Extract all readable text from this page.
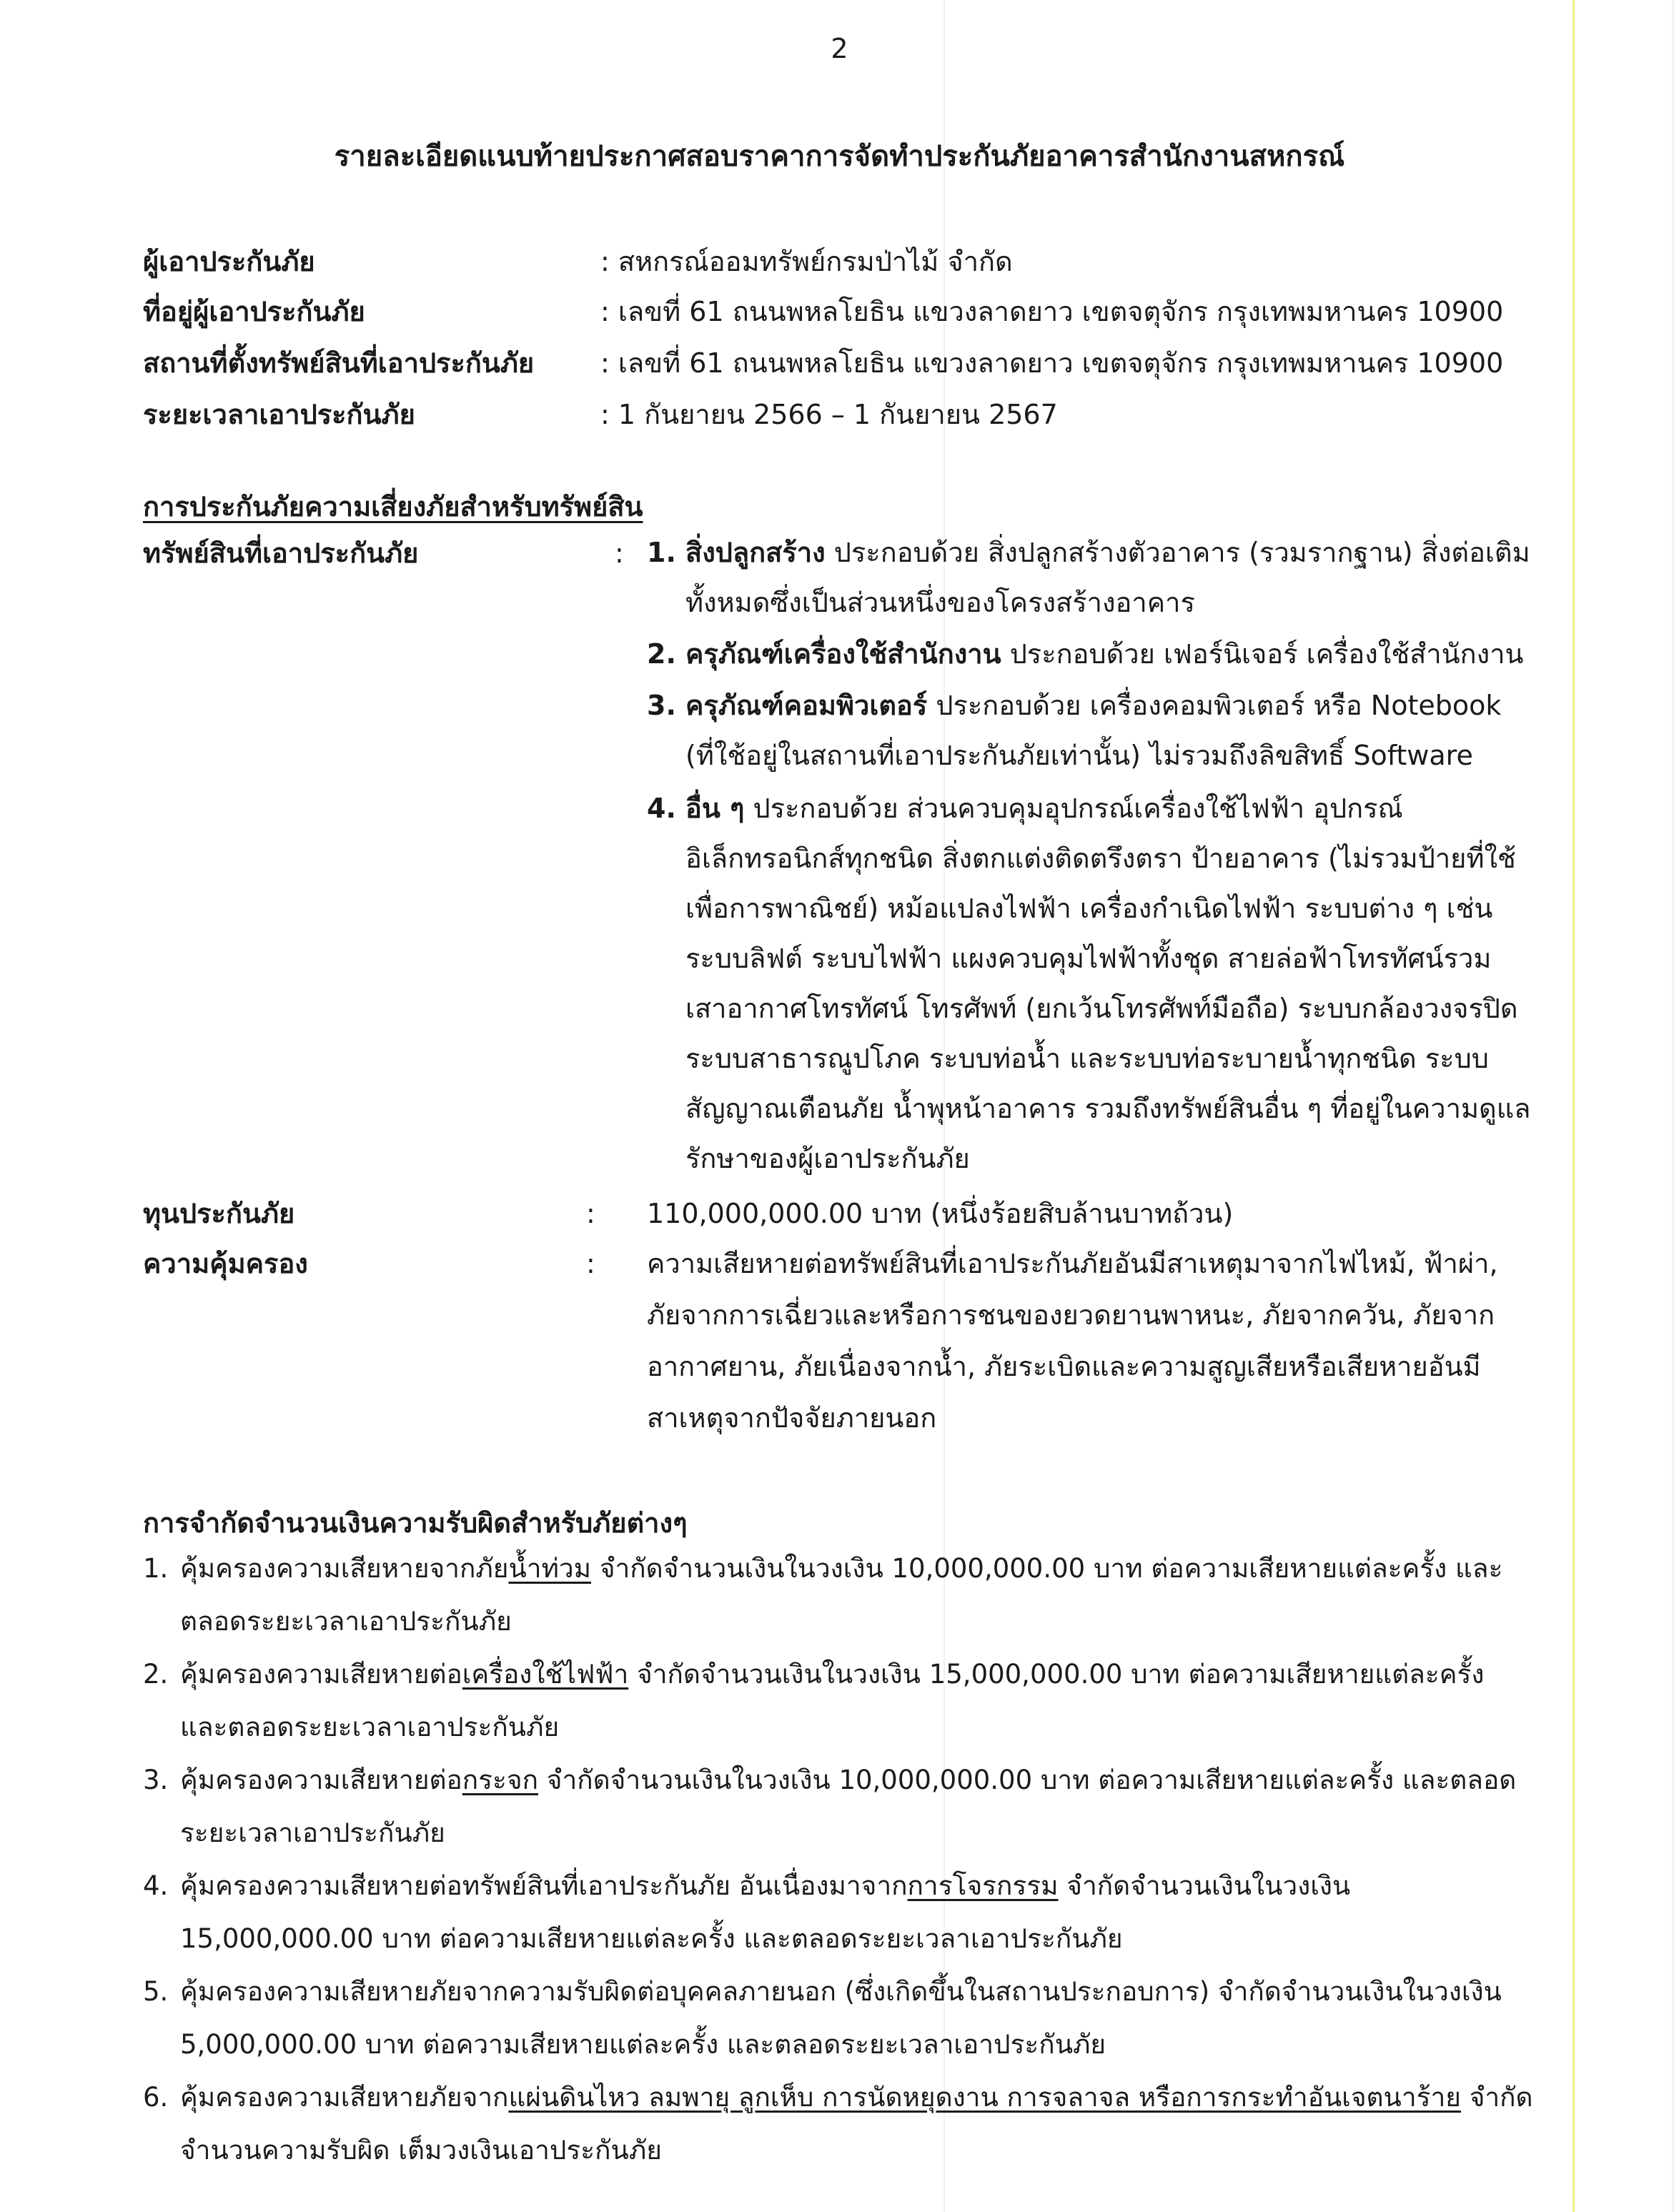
2
รายละเอียดแนบท้ายประกาศสอบราคาการจัดทำประกันภัยอาคารสำนักงานสหกรณ์
ผู้เอาประกันภัย	: สหกรณ์ออมทรัพย์กรมป่าไม้ จำกัด
ที่อยู่ผู้เอาประกันภัย	: เลขที่ 61 ถนนพหลโยธิน แขวงลาดยาว เขตจตุจักร กรุงเทพมหานคร 10900
สถานที่ตั้งทรัพย์สินที่เอาประกันภัย : เลขที่ 61 ถนนพหลโยธิน แขวงลาดยาว เขตจตุจักร กรุงเทพมหานคร 10900
ระยะเวลาเอาประกันภัย	: 1 กันยายน 2566 – 1 กันยายน 2567
การประกันภัยความเสี่ยงภัยสำหรับทรัพย์สิน
ทรัพย์สินที่เอาประกันภัย	: 1. สิ่งปลูกสร้าง ประกอบด้วย สิ่งปลูกสร้างตัวอาคาร (รวมรากฐาน) สิ่งต่อเติมทั้งหมดซึ่งเป็นส่วนหนึ่งของโครงสร้างอาคาร
2. ครุภัณฑ์เครื่องใช้สำนักงาน ประกอบด้วย เฟอร์นิเจอร์ เครื่องใช้สำนักงาน
3. ครุภัณฑ์คอมพิวเตอร์ ประกอบด้วย เครื่องคอมพิวเตอร์ หรือ Notebook (ที่ใช้อยู่ในสถานที่เอาประกันภัยเท่านั้น) ไม่รวมถึงลิขสิทธิ์ Software
4. อื่น ๆ ประกอบด้วย ส่วนควบคุมอุปกรณ์เครื่องใช้ไฟฟ้า อุปกรณ์อิเล็กทรอนิกส์ทุกชนิด สิ่งตกแต่งติดตรึงตรา ป้ายอาคาร (ไม่รวมป้ายที่ใช้เพื่อการพาณิชย์) หม้อแปลงไฟฟ้า เครื่องกำเนิดไฟฟ้า ระบบต่าง ๆ เช่น ระบบลิฟต์ ระบบไฟฟ้า แผงควบคุมไฟฟ้าทั้งชุด สายล่อฟ้าโทรทัศน์รวม เสาอากาศโทรทัศน์ โทรศัพท์ (ยกเว้นโทรศัพท์มือถือ) ระบบกล้องวงจรปิด ระบบสาธารณูปโภค ระบบท่อน้ำ และระบบท่อระบายน้ำทุกชนิด ระบบสัญญาณเตือนภัย น้ำพุหน้าอาคาร รวมถึงทรัพย์สินอื่น ๆ ที่อยู่ในความดูแลรักษาของผู้เอาประกันภัย
ทุนประกันภัย	: 110,000,000.00 บาท (หนึ่งร้อยสิบล้านบาทถ้วน)
ความคุ้มครอง	: ความเสียหายต่อทรัพย์สินที่เอาประกันภัยอันมีสาเหตุมาจากไฟไหม้, ฟ้าผ่า, ภัยจากการเฉี่ยวและหรือการชนของยวดยานพาหนะ, ภัยจากควัน, ภัยจากอากาศยาน, ภัยเนื่องจากน้ำ, ภัยระเบิดและความสูญเสียหรือเสียหายอันมีสาเหตุจากปัจจัยภายนอก
การจำกัดจำนวนเงินความรับผิดสำหรับภัยต่างๆ
1. คุ้มครองความเสียหายจากภัยน้ำท่วม จำกัดจำนวนเงินในวงเงิน 10,000,000.00 บาท ต่อความเสียหายแต่ละครั้ง และตลอดระยะเวลาเอาประกันภัย
2. คุ้มครองความเสียหายต่อเครื่องใช้ไฟฟ้า จำกัดจำนวนเงินในวงเงิน 15,000,000.00 บาท ต่อความเสียหายแต่ละครั้ง และตลอดระยะเวลาเอาประกันภัย
3. คุ้มครองความเสียหายต่อกระจก จำกัดจำนวนเงินในวงเงิน 10,000,000.00 บาท ต่อความเสียหายแต่ละครั้ง และตลอดระยะเวลาเอาประกันภัย
4. คุ้มครองความเสียหายต่อทรัพย์สินที่เอาประกันภัย อันเนื่องมาจากการโจรกรรม จำกัดจำนวนเงินในวงเงิน 15,000,000.00 บาท ต่อความเสียหายแต่ละครั้ง และตลอดระยะเวลาเอาประกันภัย
5. คุ้มครองความเสียหายภัยจากความรับผิดต่อบุคคลภายนอก (ซึ่งเกิดขึ้นในสถานประกอบการ) จำกัดจำนวนเงินในวงเงิน 5,000,000.00 บาท ต่อความเสียหายแต่ละครั้ง และตลอดระยะเวลาเอาประกันภัย
6. คุ้มครองความเสียหายภัยจากแผ่นดินไหว ลมพายุ ลูกเห็บ การนัดหยุดงาน การจลาจล หรือการกระทำอันเจตนาร้าย จำกัดจำนวนความรับผิด เต็มวงเงินเอาประกันภัย
